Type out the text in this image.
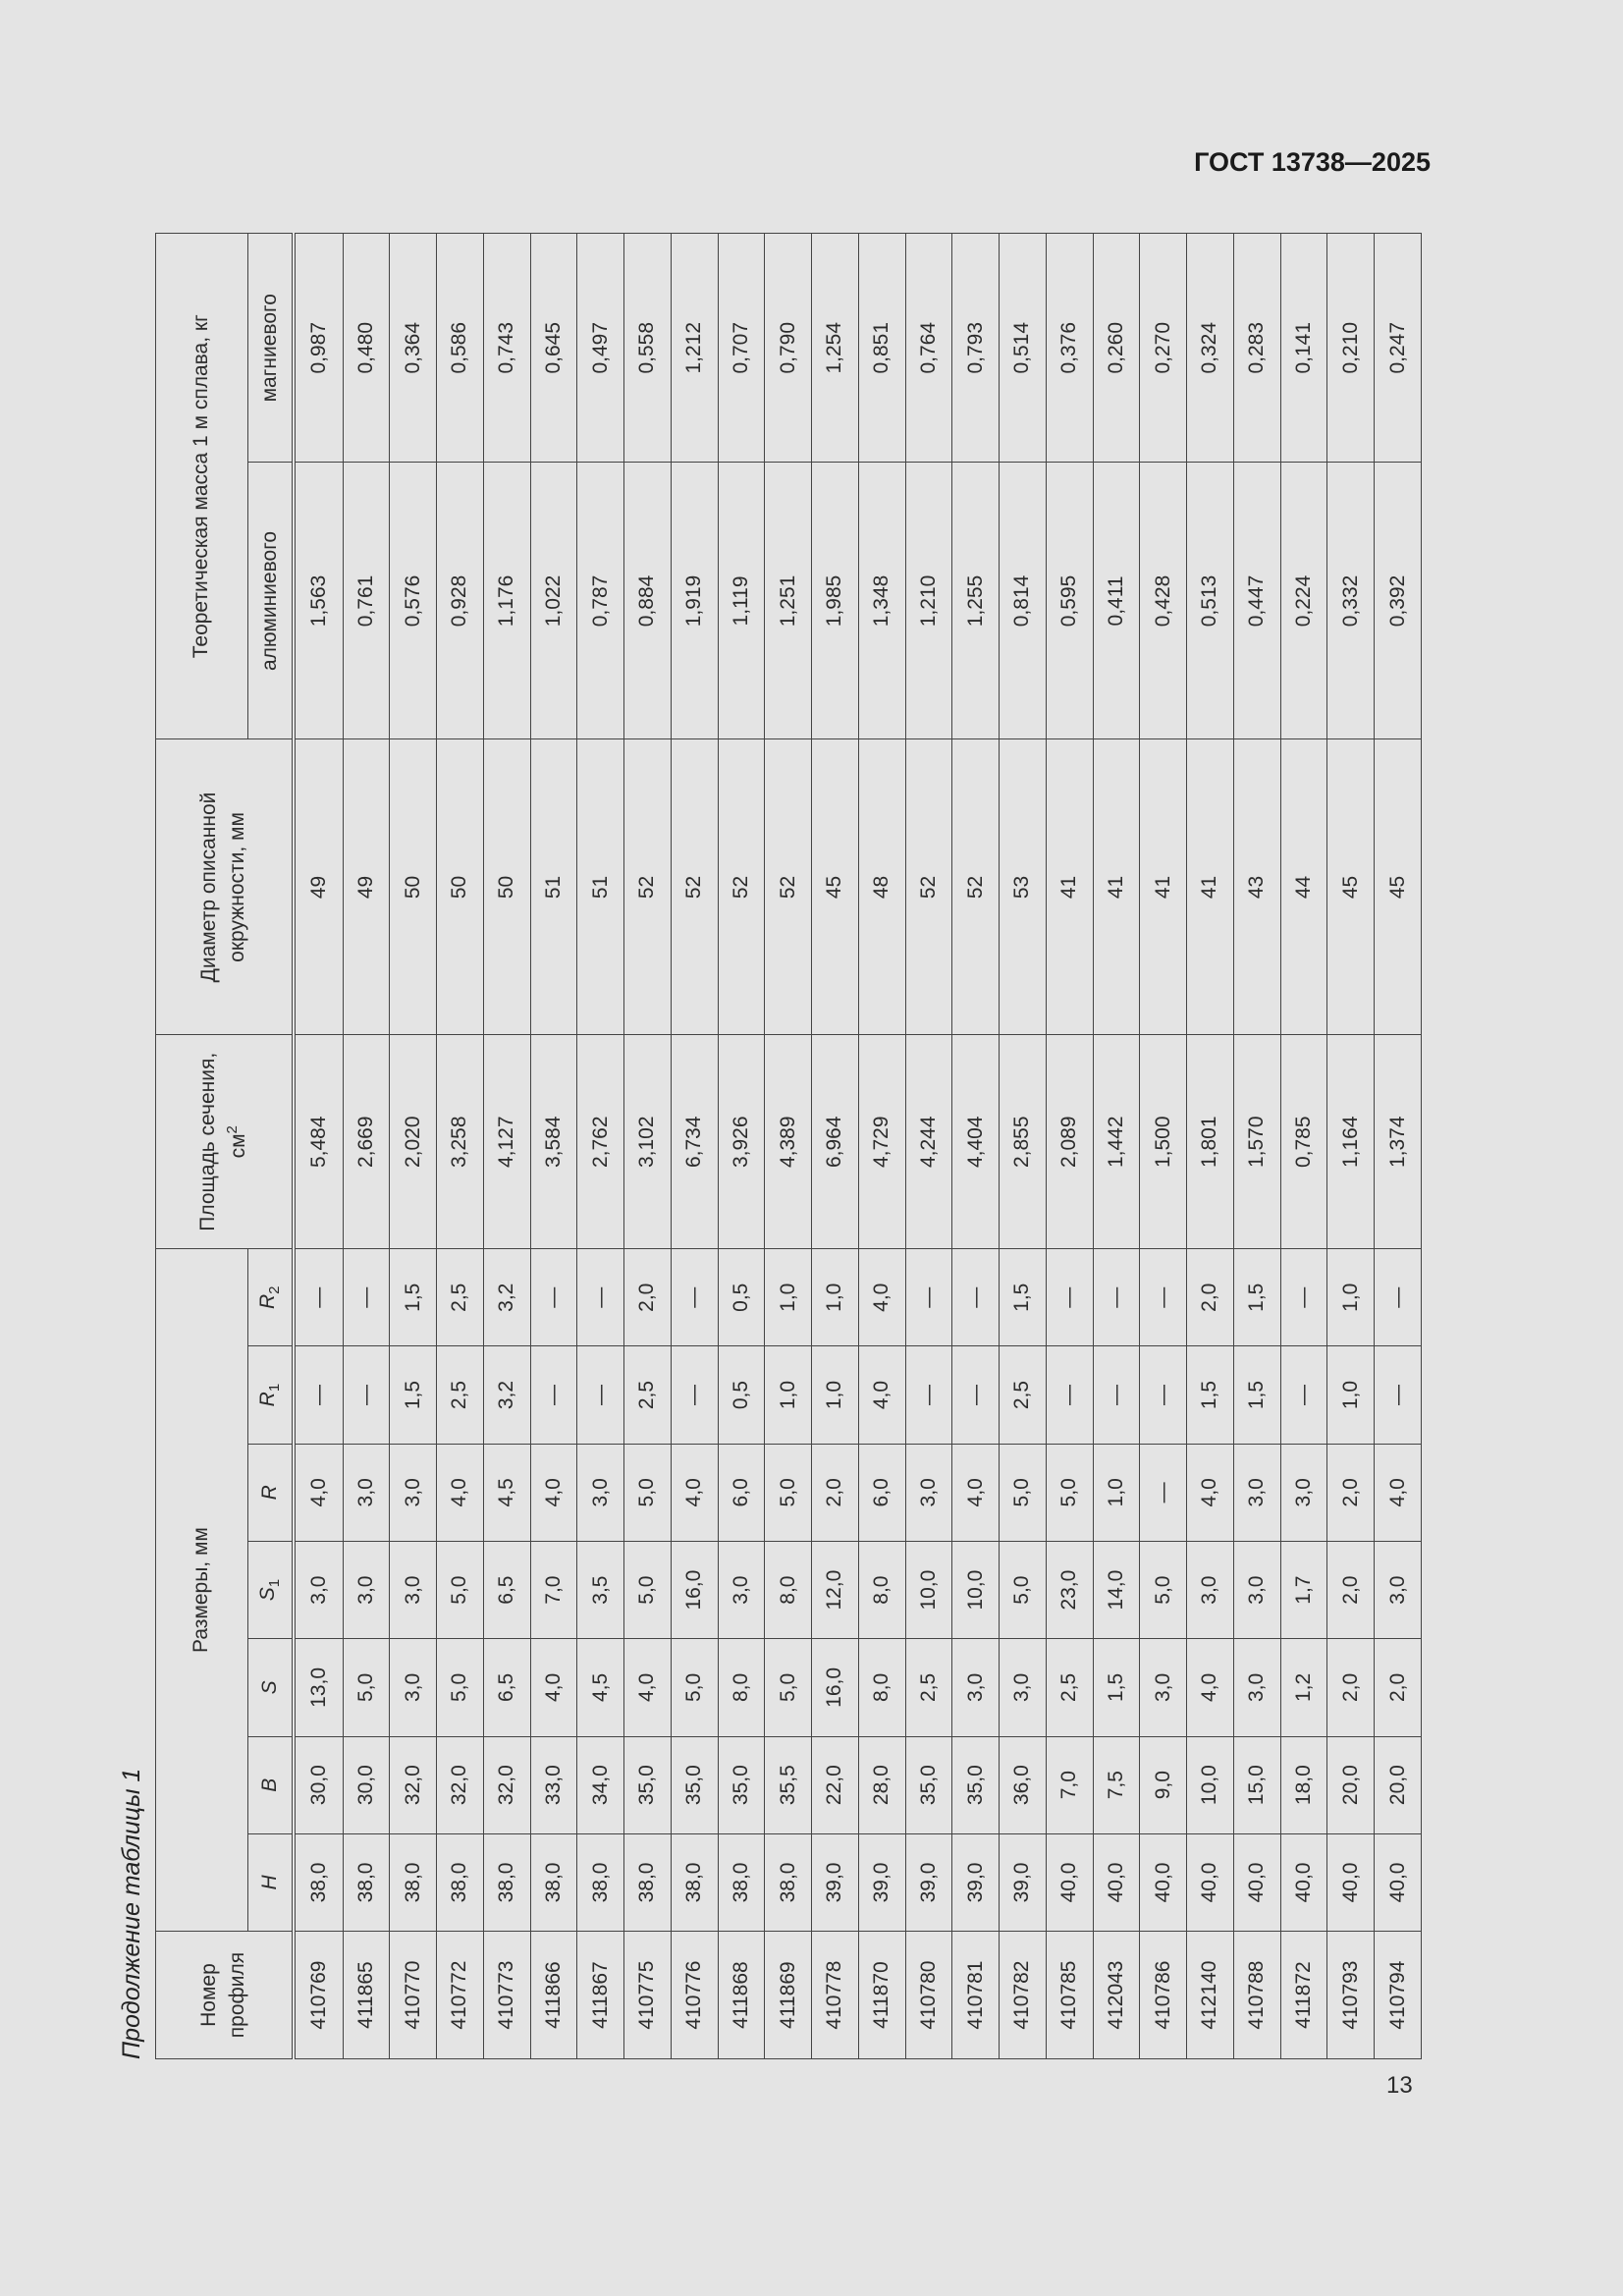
ГОСТ 13738—2025
Продолжение таблицы 1	Номер профиля	Размеры, мм							Площадь сечения, $см^2$	Диаметр описанной окружности, мм	Теоретическая масса 1 м сплава, кг	
	H	B	S	$S_1$	R	$R_1$	$R_2$			алюминиевого	магниевого
410769	38,0	30,0	13,0	3,0	4,0	—	—	5,484	49	1,563	0,987
411865	38,0	30,0	5,0	3,0	3,0	—	—	2,669	49	0,761	0,480
410770	38,0	32,0	3,0	3,0	3,0	1,5	1,5	2,020	50	0,576	0,364
410772	38,0	32,0	5,0	5,0	4,0	2,5	2,5	3,258	50	0,928	0,586
410773	38,0	32,0	6,5	6,5	4,5	3,2	3,2	4,127	50	1,176	0,743
411866	38,0	33,0	4,0	7,0	4,0	—	—	3,584	51	1,022	0,645
411867	38,0	34,0	4,5	3,5	3,0	—	—	2,762	51	0,787	0,497
410775	38,0	35,0	4,0	5,0	5,0	2,5	2,0	3,102	52	0,884	0,558
410776	38,0	35,0	5,0	16,0	4,0	—	—	6,734	52	1,919	1,212
411868	38,0	35,0	8,0	3,0	6,0	0,5	0,5	3,926	52	1,119	0,707
411869	38,0	35,5	5,0	8,0	5,0	1,0	1,0	4,389	52	1,251	0,790
410778	39,0	22,0	16,0	12,0	2,0	1,0	1,0	6,964	45	1,985	1,254
411870	39,0	28,0	8,0	8,0	6,0	4,0	4,0	4,729	48	1,348	0,851
410780	39,0	35,0	2,5	10,0	3,0	—	—	4,244	52	1,210	0,764
410781	39,0	35,0	3,0	10,0	4,0	—	—	4,404	52	1,255	0,793
410782	39,0	36,0	3,0	5,0	5,0	2,5	1,5	2,855	53	0,814	0,514
410785	40,0	7,0	2,5	23,0	5,0	—	—	2,089	41	0,595	0,376
412043	40,0	7,5	1,5	14,0	1,0	—	—	1,442	41	0,411	0,260
410786	40,0	9,0	3,0	5,0	—	—	—	1,500	41	0,428	0,270
412140	40,0	10,0	4,0	3,0	4,0	1,5	2,0	1,801	41	0,513	0,324
410788	40,0	15,0	3,0	3,0	3,0	1,5	1,5	1,570	43	0,447	0,283
411872	40,0	18,0	1,2	1,7	3,0	—	—	0,785	44	0,224	0,141
410793	40,0	20,0	2,0	2,0	2,0	1,0	1,0	1,164	45	0,332	0,210
410794	40,0	20,0	2,0	3,0	4,0	—	—	1,374	45	0,392	0,247
13
